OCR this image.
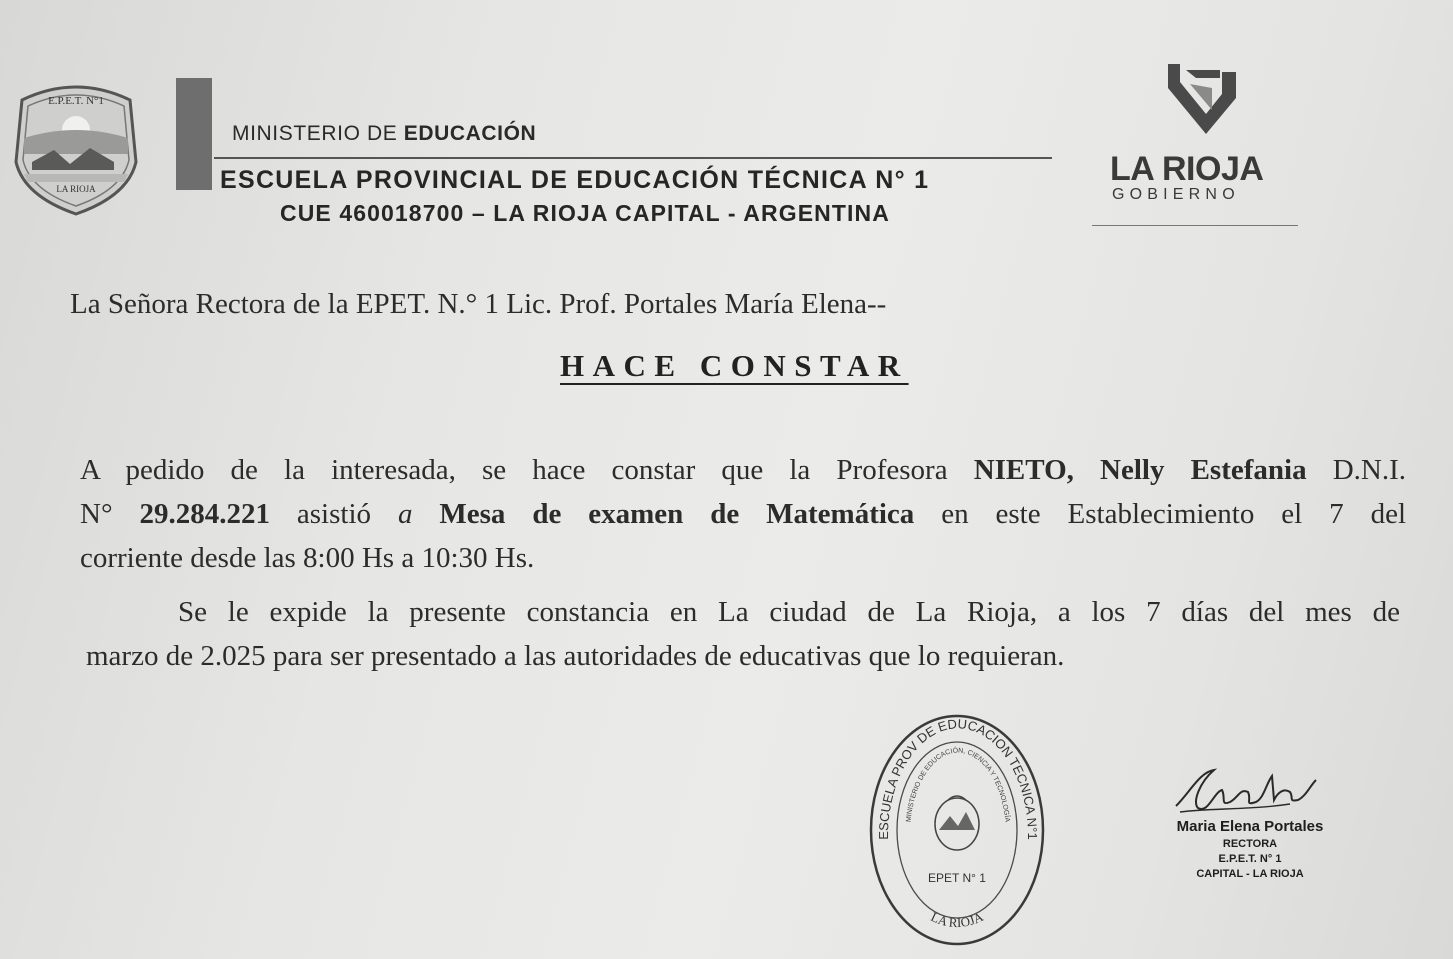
E.P.E.T. N°1
LA RIOJA
MINISTERIO DE EDUCACIÓN
ESCUELA PROVINCIAL DE EDUCACIÓN TÉCNICA N° 1
CUE 460018700 – LA RIOJA CAPITAL - ARGENTINA
LA RIOJA
GOBIERNO
La Señora Rectora de la EPET. N.° 1 Lic. Prof. Portales María Elena--
HACE CONSTAR
A pedido de la interesada, se hace constar que la Profesora NIETO, Nelly Estefania D.N.I.
N° 29.284.221 asistió a Mesa de examen de Matemática en este Establecimiento el 7 del
corriente desde las 8:00 Hs a 10:30 Hs.
Se le expide la presente constancia en La ciudad de La Rioja, a los 7 días del mes de
marzo de 2.025 para ser presentado a las autoridades de educativas que lo requieran.
ESCUELA PROV DE EDUCACION TECNICA N°1
MINISTERIO DE EDUCACIÓN, CIENCIA Y TECNOLOGÍA
EPET N° 1
LA RIOJA
Maria Elena Portales
RECTORA
E.P.E.T. N° 1
CAPITAL - LA RIOJA
